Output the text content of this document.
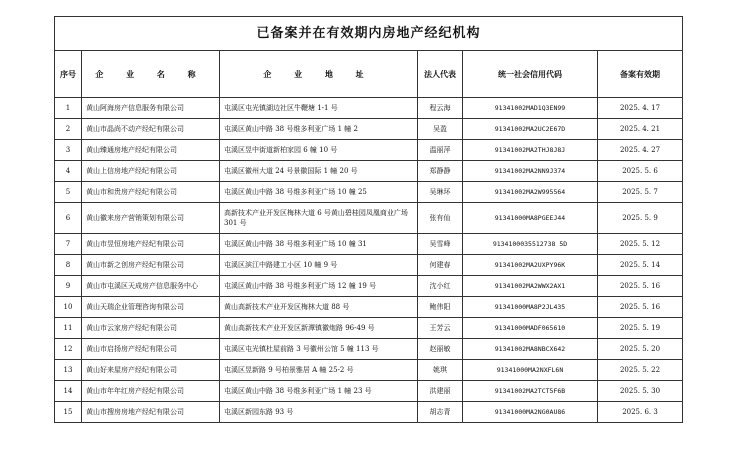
已备案并在有效期内房地产经纪机构					
序号	企 业 名 称	企 业 地 址	法人代表	统一社会信用代码	备案有效期
1	黄山阿海房产信息服务有限公司	屯溪区屯光镇湖边社区牛鞭塘 1-1 号	程云海	91341002MAD1Q3EN99	2025. 4. 17
2	黄山市晶尚不动产经纪有限公司	屯溪区黄山中路 38 号维多利亚广场 1 幢 2	吴盈	91341002MA2UC2E67D	2025. 4. 21
3	黄山臻通房地产经纪有限公司	屯溪区昱中街道新柏家园 6 幢 10 号	温丽萍	91341002MA2THJ8J8J	2025. 4. 27
4	黄山上信房地产经纪有限公司	屯溪区徽州大道 24 号景徽国际 1 幢 20 号	郑静静	91341002MA2NN9J374	2025. 5. 6
5	黄山市和贵房产经纪有限公司	屯溪区黄山中路 38 号维多利亚广场 10 幢 25	吴琳环	91341002MA2W995564	2025. 5. 7
6	黄山徽来房产营销策划有限公司	高新技术产业开发区梅林大道 6 号黄山碧桂园凤凰商业广场 301 号	张有仙	91341000MA8PGEEJ44	2025. 5. 9
7	黄山市昱恒房地产经纪有限公司	屯溪区黄山中路 38 号维多利亚广场 10 幢 31	吴雪峰	9134100035512738 5D	2025. 5. 12
8	黄山市新之创房产经纪有限公司	屯溪区滨江中路建工小区 10 幢 9 号	何建春	91341002MA2UXPY96K	2025. 5. 14
9	黄山市屯溪区天成房产信息服务中心	屯溪区黄山中路 38 号维多利亚广场 12 幢 19 号	沈小红	91341002MA2WWX2AX1	2025. 5. 16
10	黄山天瑞企业管理咨询有限公司	黄山高新技术产业开发区梅林大道 88 号	鲍伟阳	91341000MA8P2JL435	2025. 5. 16
11	黄山市云家房产经纪有限公司	黄山高新技术产业开发区新潭镇徽炮路 96-49 号	王芳云	91341000MADF065610	2025. 5. 19
12	黄山市启扬房产经纪有限公司	屯溪区屯光镇杜屋前路 3 号徽州公馆 5 幢 113 号	赵丽敏	91341002MA8NBCX642	2025. 5. 20
13	黄山好来屋房产经纪有限公司	屯溪区昱新路 9 号柏景雅居 A 幢 25-2 号	姚琪	91341000MA2NXFL6N	2025. 5. 22
14	黄山市年年红房产经纪有限公司	屯溪区黄山中路 38 号维多利亚广场 1 幢 23 号	洪建丽	91341002MA2TCT5F6B	2025. 5. 30
15	黄山市搜房房地产经纪有限公司	屯溪区新园东路 93 号	胡志青	91341000MA2NG0AU86	2025. 6. 3
